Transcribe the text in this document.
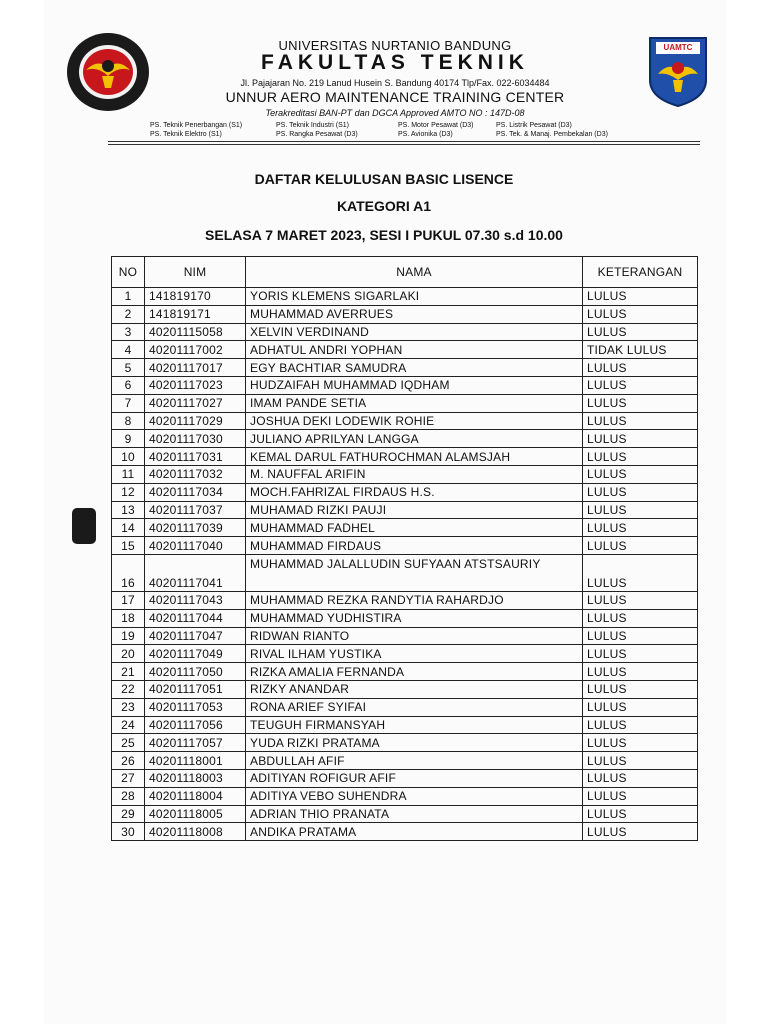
UAMTC
UNIVERSITAS NURTANIO BANDUNG
FAKULTAS TEKNIK
Jl. Pajajaran No. 219 Lanud Husein S. Bandung 40174 Tlp/Fax. 022-6034484
UNNUR AERO MAINTENANCE TRAINING CENTER
Terakreditasi BAN-PT dan DGCA Approved AMTO NO : 147D-08
PS. Teknik Penerbangan (S1)	PS. Teknik Industri (S1)	PS. Motor Pesawat (D3)	PS. Listrik Pesawat (D3)
PS. Teknik Elektro (S1)	PS. Rangka Pesawat (D3)	PS. Avionika (D3)	PS. Tek. & Manaj. Pembekalan (D3)
DAFTAR KELULUSAN BASIC LISENCE
KATEGORI A1
SELASA 7 MARET 2023, SESI I PUKUL 07.30 s.d 10.00
NO	NIM	NAMA	KETERANGAN
1	141819170	YORIS KLEMENS SIGARLAKI	LULUS
2	141819171	MUHAMMAD AVERRUES	LULUS
3	40201115058	XELVIN VERDINAND	LULUS
4	40201117002	ADHATUL ANDRI YOPHAN	TIDAK LULUS
5	40201117017	EGY BACHTIAR SAMUDRA	LULUS
6	40201117023	HUDZAIFAH MUHAMMAD IQDHAM	LULUS
7	40201117027	IMAM PANDE SETIA	LULUS
8	40201117029	JOSHUA DEKI LODEWIK ROHIE	LULUS
9	40201117030	JULIANO APRILYAN LANGGA	LULUS
10	40201117031	KEMAL DARUL FATHUROCHMAN ALAMSJAH	LULUS
11	40201117032	M. NAUFFAL ARIFIN	LULUS
12	40201117034	MOCH.FAHRIZAL FIRDAUS H.S.	LULUS
13	40201117037	MUHAMAD RIZKI PAUJI	LULUS
14	40201117039	MUHAMMAD FADHEL	LULUS
15	40201117040	MUHAMMAD FIRDAUS	LULUS
16	40201117041	MUHAMMAD JALALLUDIN SUFYAAN ATSTSAURIY	LULUS
17	40201117043	MUHAMMAD REZKA RANDYTIA RAHARDJO	LULUS
18	40201117044	MUHAMMAD YUDHISTIRA	LULUS
19	40201117047	RIDWAN RIANTO	LULUS
20	40201117049	RIVAL ILHAM YUSTIKA	LULUS
21	40201117050	RIZKA AMALIA FERNANDA	LULUS
22	40201117051	RIZKY ANANDAR	LULUS
23	40201117053	RONA ARIEF SYIFAI	LULUS
24	40201117056	TEUGUH FIRMANSYAH	LULUS
25	40201117057	YUDA RIZKI PRATAMA	LULUS
26	40201118001	ABDULLAH AFIF	LULUS
27	40201118003	ADITIYAN ROFIGUR AFIF	LULUS
28	40201118004	ADITIYA VEBO SUHENDRA	LULUS
29	40201118005	ADRIAN THIO PRANATA	LULUS
30	40201118008	ANDIKA PRATAMA	LULUS
